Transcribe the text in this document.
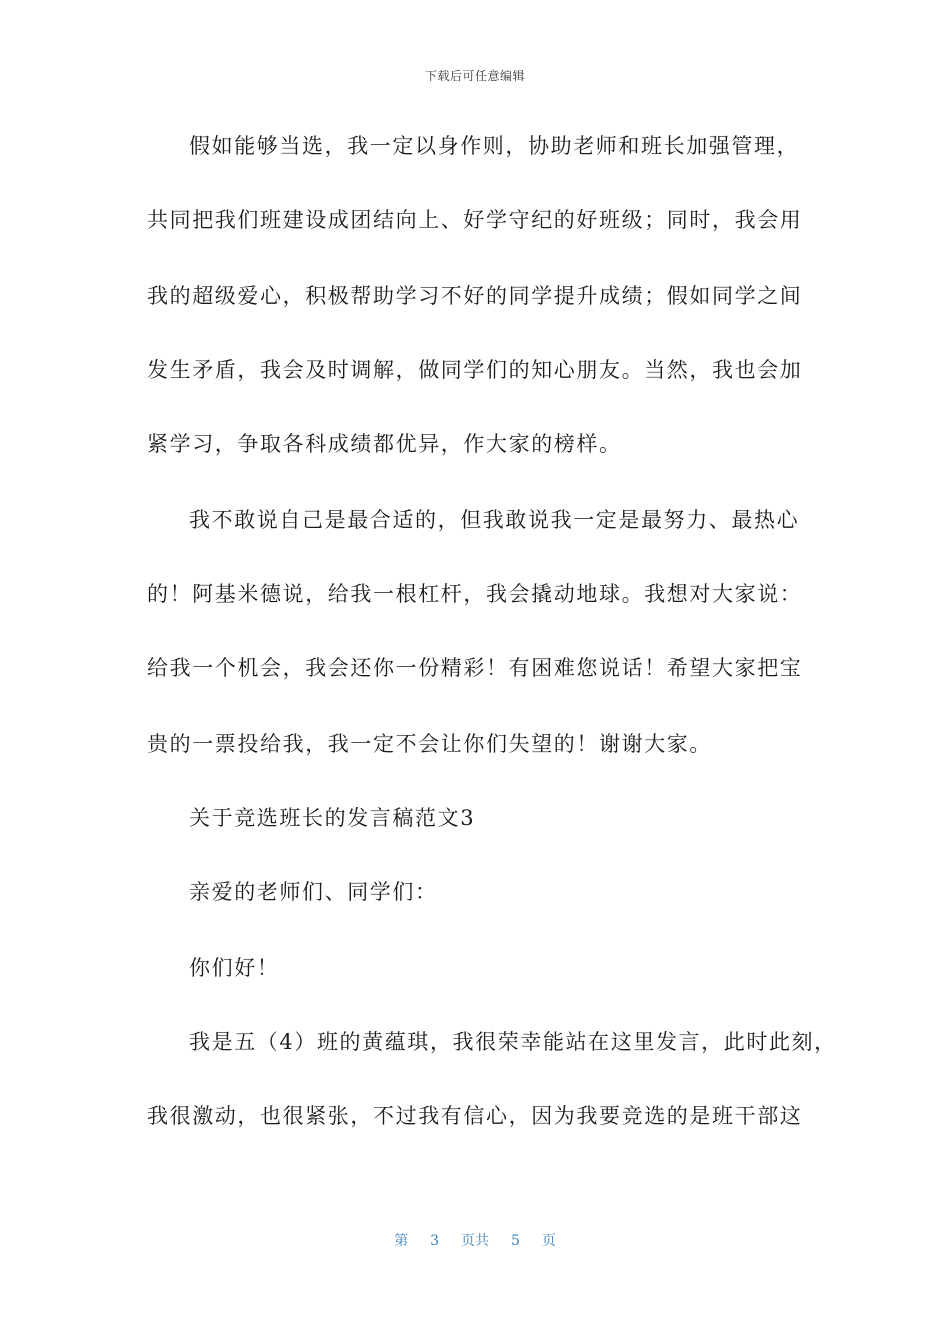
下载后可任意编辑
假如能够当选，我一定以身作则，协助老师和班长加强管理，
共同把我们班建设成团结向上、好学守纪的好班级；同时，我会用
我的超级爱心，积极帮助学习不好的同学提升成绩；假如同学之间
发生矛盾，我会及时调解，做同学们的知心朋友。当然，我也会加
紧学习，争取各科成绩都优异，作大家的榜样。
我不敢说自己是最合适的，但我敢说我一定是最努力、最热心
的！阿基米德说，给我一根杠杆，我会撬动地球。我想对大家说：
给我一个机会，我会还你一份精彩！有困难您说话！希望大家把宝
贵的一票投给我，我一定不会让你们失望的！谢谢大家。
关于竞选班长的发言稿范文3
亲爱的老师们、同学们：
你们好！
我是五（4）班的黄蕴琪，我很荣幸能站在这里发言，此时此刻，
我很激动，也很紧张，不过我有信心，因为我要竞选的是班干部这
第 3 页共 5 页
